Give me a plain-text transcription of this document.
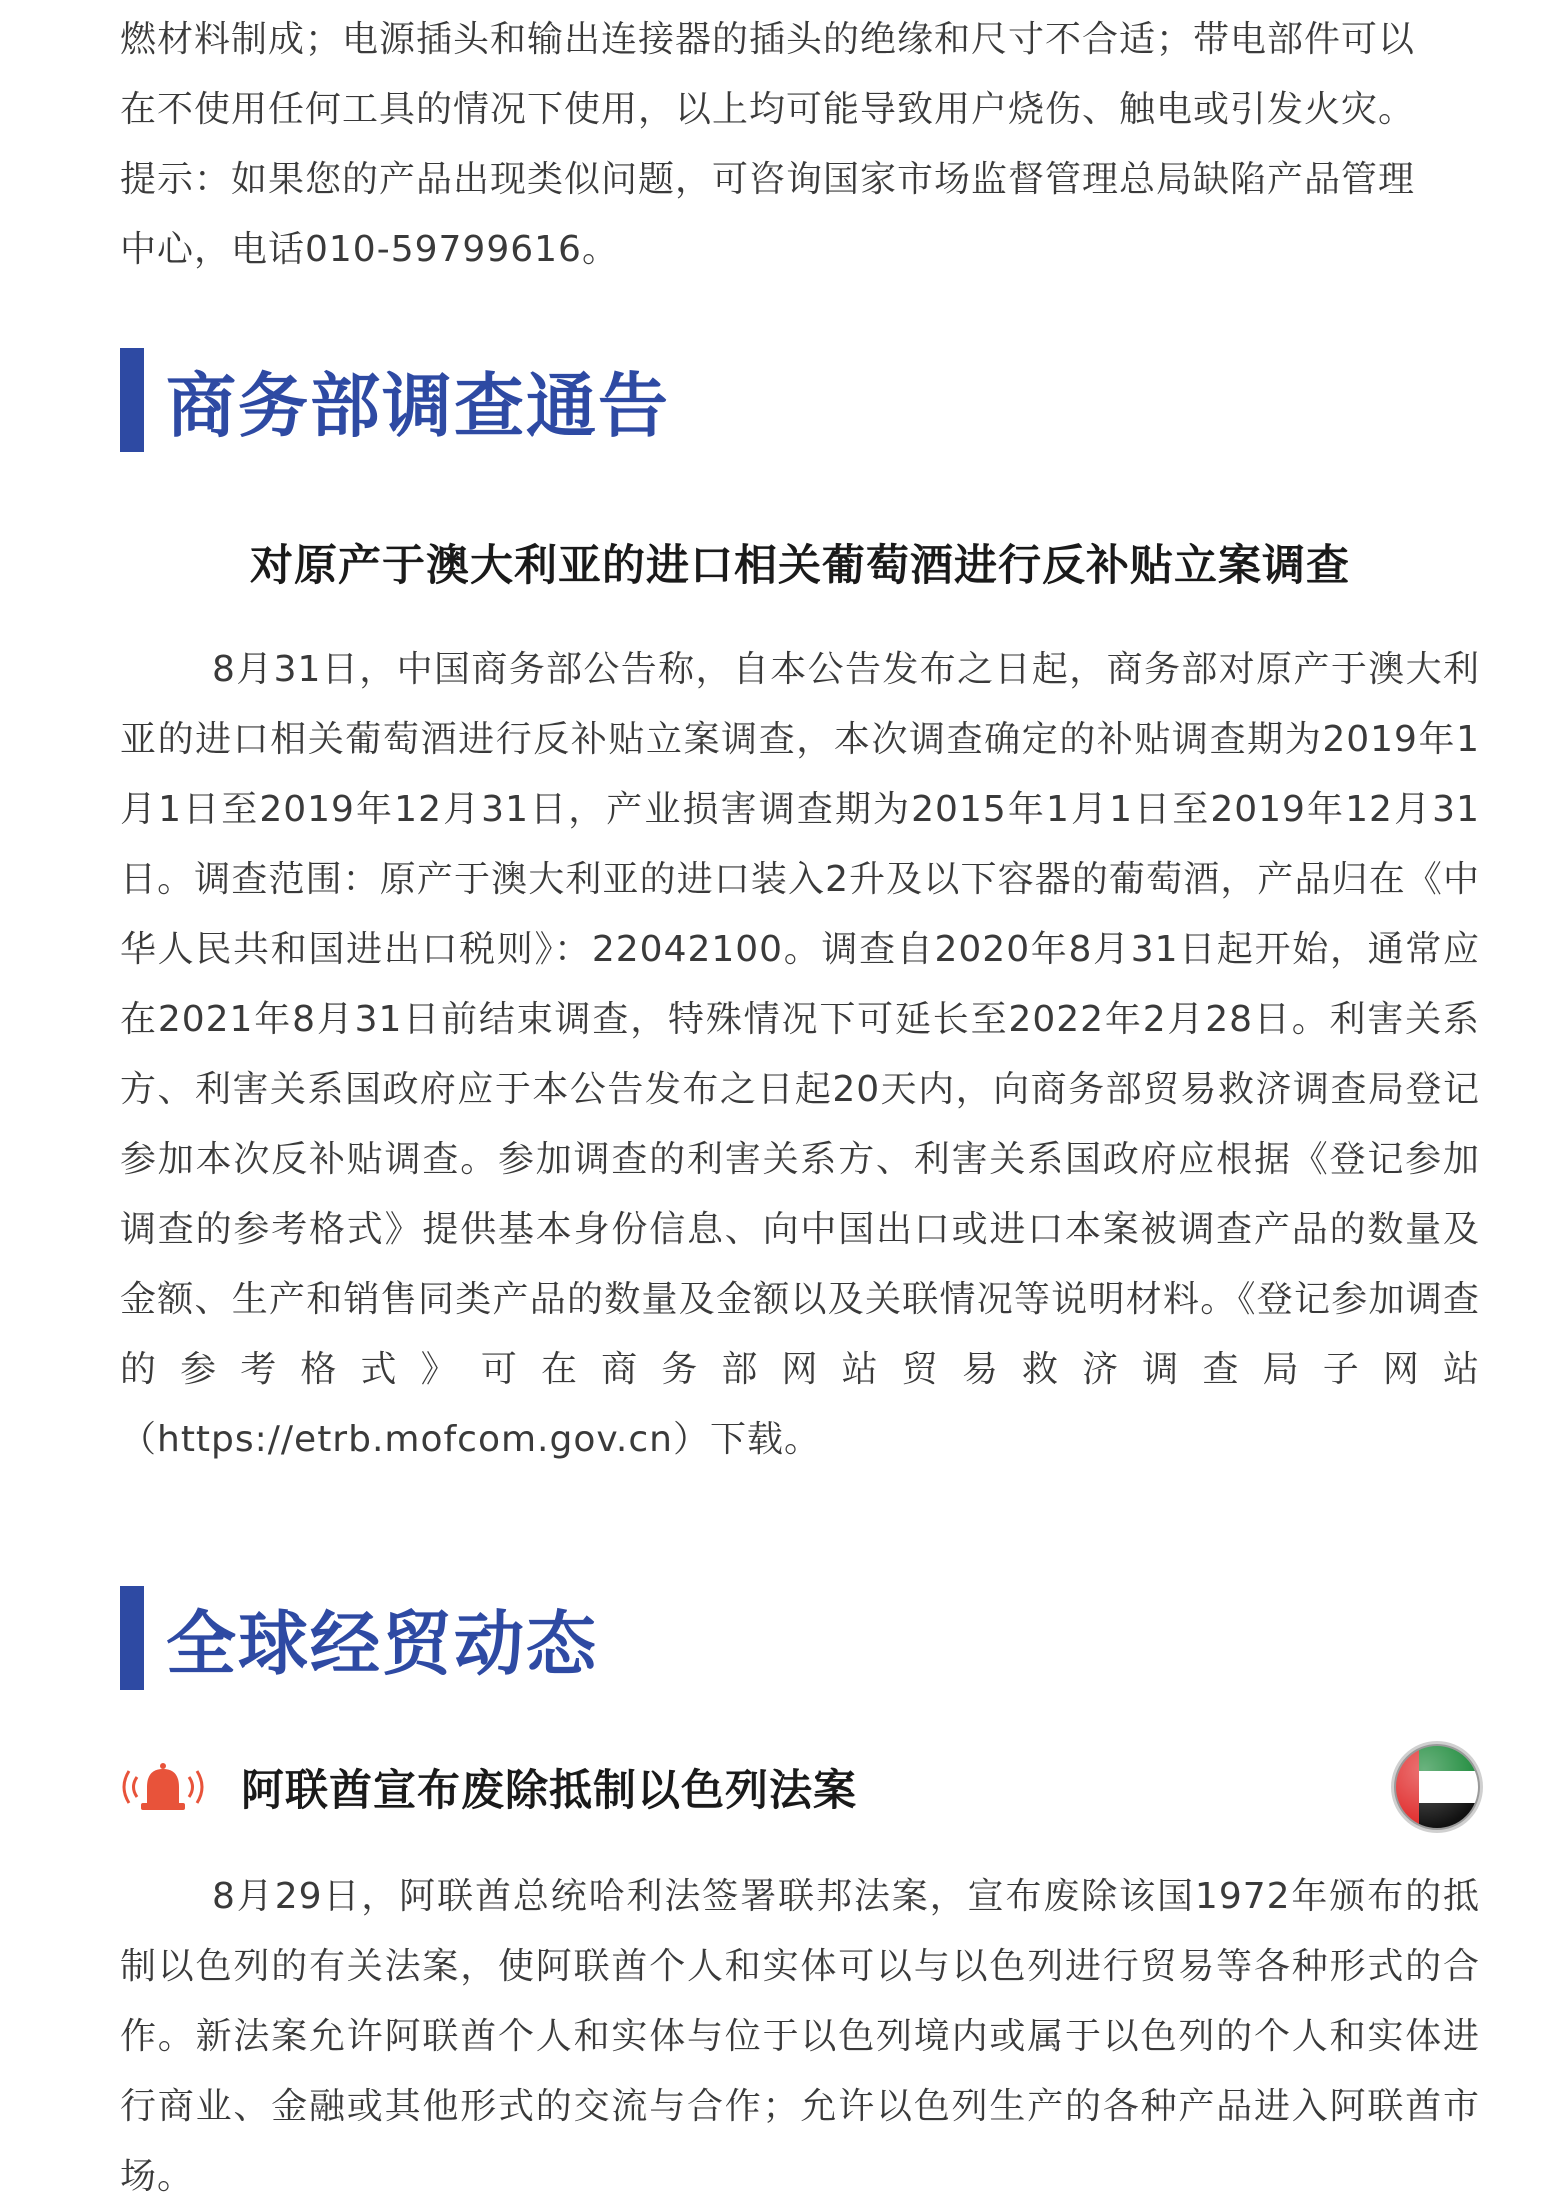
燃材料制成；电源插头和输出连接器的插头的绝缘和尺寸不合适；带电部件可以
在不使用任何工具的情况下使用，以上均可能导致用户烧伤、触电或引发火灾。
提示：如果您的产品出现类似问题，可咨询国家市场监督管理总局缺陷产品管理
中心，电话010-59799616。
商务部调查通告
对原产于澳大利亚的进口相关葡萄酒进行反补贴立案调查

8月31日，中国商务部公告称，自本公告发布之日起，商务部对原产于澳大利亚的进口相关葡萄酒进行反补贴立案调查，本次调查确定的补贴调查期为2019年1月1日至2019年12月31日，产业损害调查期为2015年1月1日至2019年12月31日。调查范围：原产于澳大利亚的进口装入2升及以下容器的葡萄酒，产品归在《中华人民共和国进出口税则》：22042100。调查自2020年8月31日起开始，通常应在2021年8月31日前结束调查，特殊情况下可延长至2022年2月28日。利害关系方、利害关系国政府应于本公告发布之日起20天内，向商务部贸易救济调查局登记参加本次反补贴调查。参加调查的利害关系方、利害关系国政府应根据《登记参加调查的参考格式》提供基本身份信息、向中国出口或进口本案被调查产品的数量及金额、生产和销售同类产品的数量及金额以及关联情况等说明材料。《登记参加调查的参考格式》可在商务部网站贸易救济调查局子网站（https://etrb.mofcom.gov.cn）下载。

全球经贸动态
阿联酋宣布废除抵制以色列法案

8月29日，阿联酋总统哈利法签署联邦法案，宣布废除该国1972年颁布的抵制以色列的有关法案，使阿联酋个人和实体可以与以色列进行贸易等各种形式的合作。新法案允许阿联酋个人和实体与位于以色列境内或属于以色列的个人和实体进行商业、金融或其他形式的交流与合作；允许以色列生产的各种产品进入阿联酋市场。
